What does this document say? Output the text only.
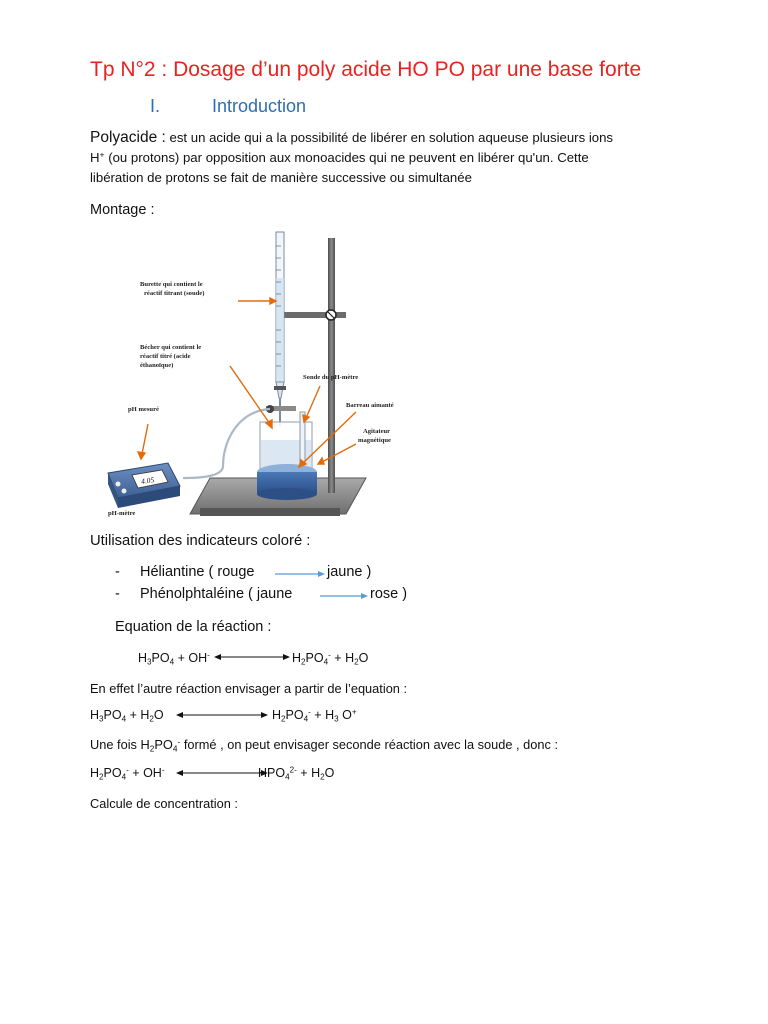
Tp N°2 : Dosage d’un poly acide HO PO par une base forte
I.	Introduction
Polyacide : est un acide qui a la possibilité de libérer en solution aqueuse plusieurs ions
H+ (ou protons) par opposition aux monoacides qui ne peuvent en libérer qu'un. Cette
libération de protons se fait de manière successive ou simultanée
Montage :
Burette qui contient le
réactif titrant (soude)
Bécher qui contient le
réactif titré (acide
éthanoïque)
Sonde du pH-mètre
Barreau aimanté
Agitateur
magnétique
pH mesuré
pH-mètre
4.05
Utilisation des indicateurs coloré :
- Héliantine ( rouge	jaune )
- Phénolphtaléine ( jaune	rose )
Equation de la réaction :
$H_3PO_4 + OH^-$	$H_2PO_4^- + H_2O$
En effet l’autre réaction envisager a partir de l’equation :
$H_3PO_4 + H_2O$	$H_2PO_4^- + H_3$ O+
Une fois $H_2PO_4^-$ formé , on peut envisager seconde réaction avec la soude , donc :
$H_2PO_4^- + OH^-$	$HPO_4^{2-} + H_2O$
Calcule de concentration :
